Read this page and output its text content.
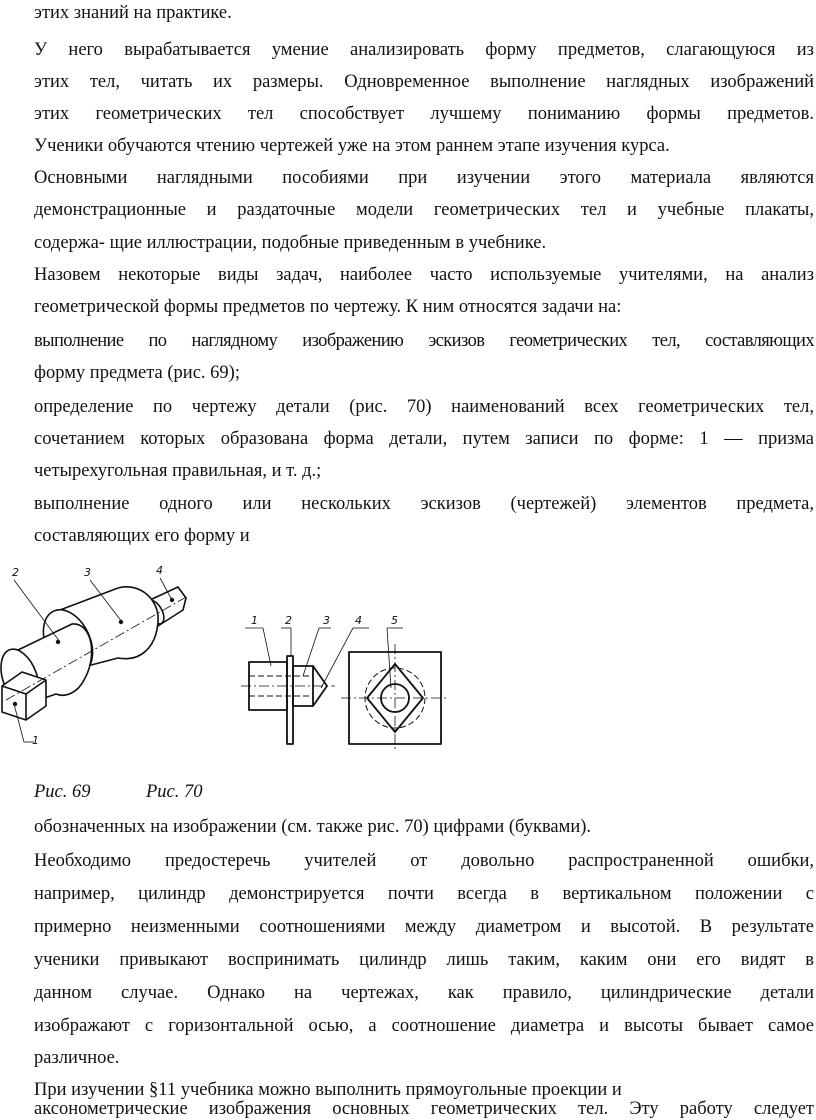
этих знаний на практике.
У него вырабатывается умение анализировать форму предметов, слагающуюся из
этих тел, читать их размеры. Одновременное выполнение наглядных изображений
этих геометрических тел способствует лучшему пониманию формы предметов.
Ученики обучаются чтению чертежей уже на этом раннем этапе изучения курса.
Основными наглядными пособиями при изучении этого материала являются
демонстрационные и раздаточные модели геометрических тел и учебные плакаты,
содержа- щие иллюстрации, подобные приведенным в учебнике.
Назовем некоторые виды задач, наиболее часто используемые учителями, на анализ
геометрической формы предметов по чертежу. К ним относятся задачи на:
выполнение по наглядному изображению эскизов геометрических тел, составляющих
форму предмета (рис. 69);
определение по чертежу детали (рис. 70) наименований всех геометрических тел,
сочетанием которых образована форма детали, путем записи по форме: 1 — призма
четырехугольная правильная, и т. д.;
выполнение одного или нескольких эскизов (чертежей) элементов предмета,
составляющих его форму и
2	3	4
1
1 2	3 4	5
Рис. 69	Рис. 70
обозначенных на изображении (см. также рис. 70) цифрами (буквами).
Необходимо предостеречь учителей от довольно распространенной ошибки,
например, цилиндр демонстрируется почти всегда в вертикальном положении с
примерно неизменными соотношениями между диаметром и высотой. В результате
ученики привыкают воспринимать цилиндр лишь таким, каким они его видят в
данном случае. Однако на чертежах, как правило, цилиндрические детали
изображают с горизонтальной осью, а соотношение диаметра и высоты бывает самое
различное.
При изучении §11 учебника можно выполнить прямоугольные проекции и
аксонометрические изображения основных геометрических тел. Эту работу следует
